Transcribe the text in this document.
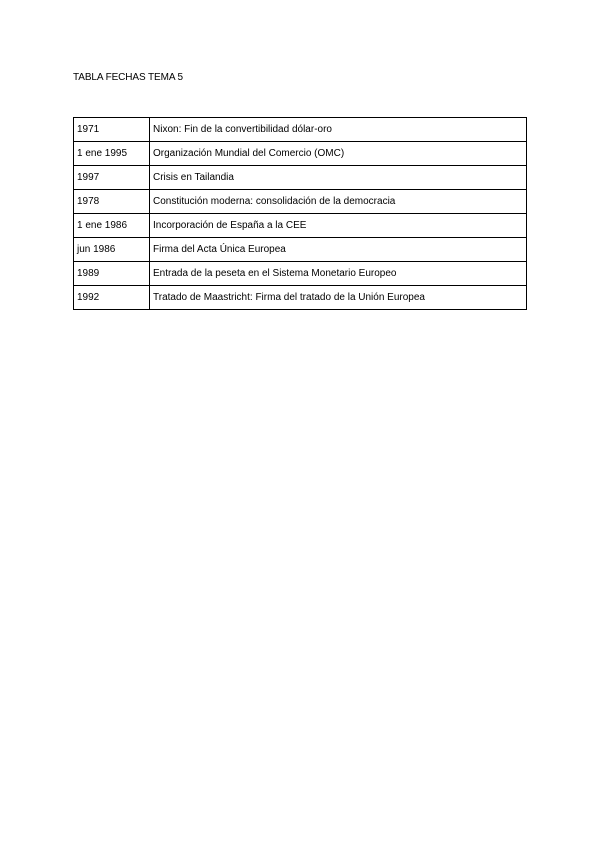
TABLA FECHAS TEMA 5
1971	Nixon: Fin de la convertibilidad dólar-oro
1 ene 1995	Organización Mundial del Comercio (OMC)
1997	Crisis en Tailandia
1978	Constitución moderna: consolidación de la democracia
1 ene 1986	Incorporación de España a la CEE
jun 1986	Firma del Acta Única Europea
1989	Entrada de la peseta en el Sistema Monetario Europeo
1992	Tratado de Maastricht: Firma del tratado de la Unión Europea
